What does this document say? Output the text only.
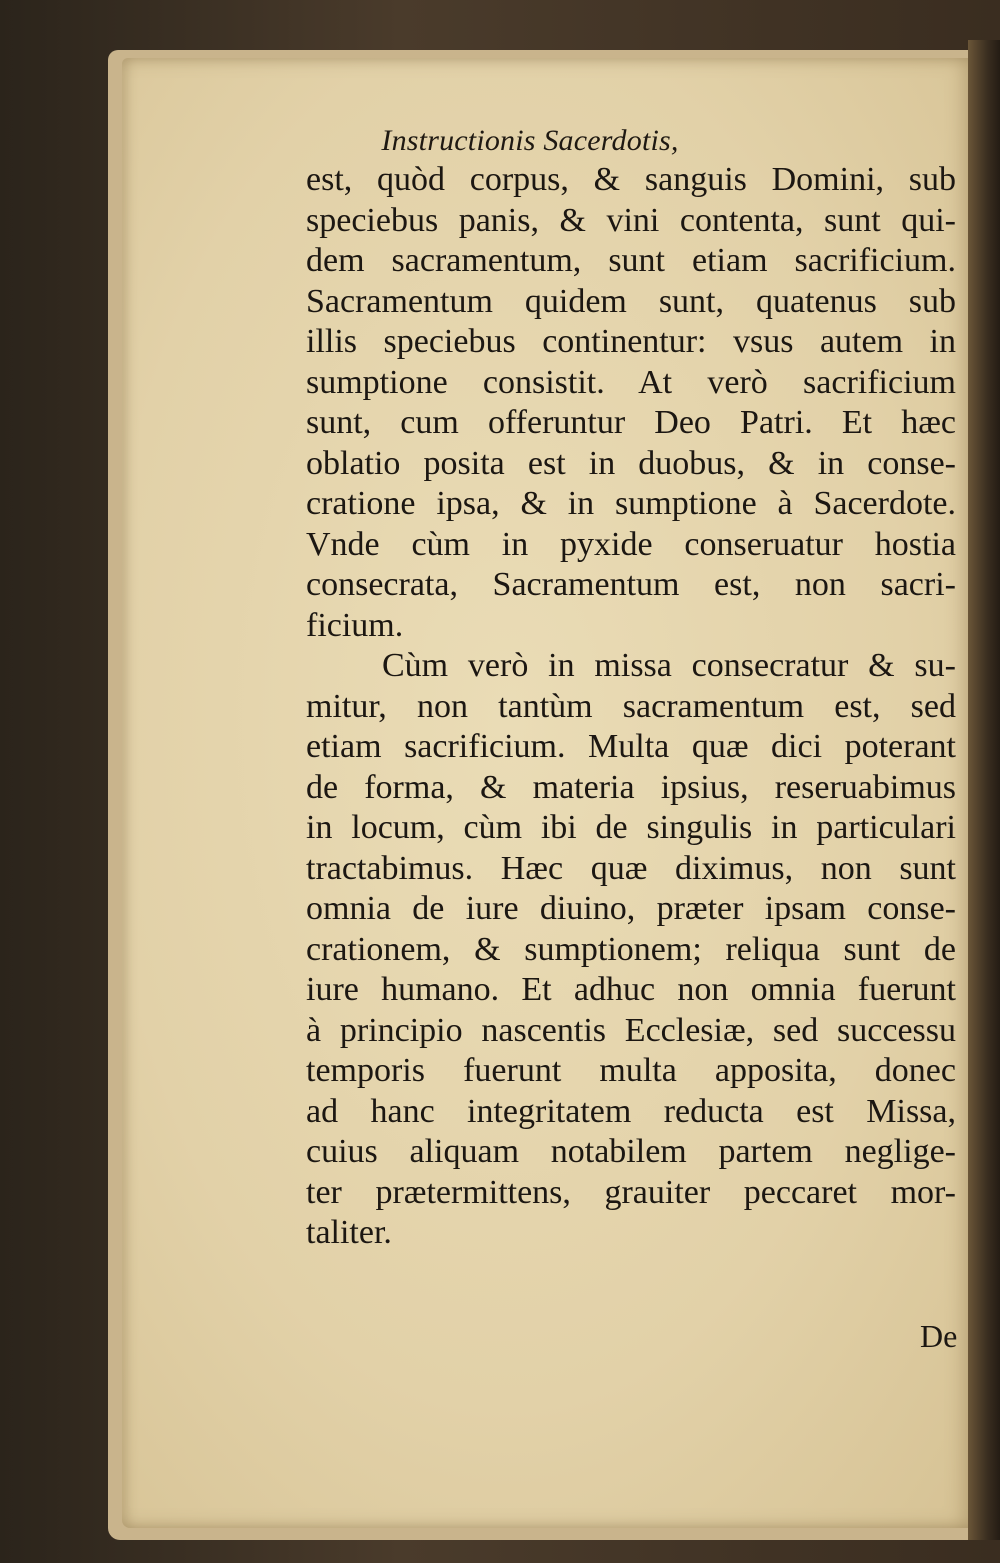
Instructionis Sacerdotis,
est, quòd corpus, & sanguis Domini, sub
speciebus panis, & vini contenta, sunt qui-
dem sacramentum, sunt etiam sacrificium.
Sacramentum quidem sunt, quatenus sub
illis speciebus continentur: vsus autem in
sumptione consistit. At verò sacrificium
sunt, cum offeruntur Deo Patri. Et hæc
oblatio posita est in duobus, & in conse-
cratione ipsa, & in sumptione à Sacerdote.
Vnde cùm in pyxide conseruatur hostia
consecrata, Sacramentum est, non sacri-
ficium.
Cùm verò in missa consecratur & su-
mitur, non tantùm sacramentum est, sed
etiam sacrificium. Multa quæ dici poterant
de forma, & materia ipsius, reseruabimus
in locum, cùm ibi de singulis in particulari
tractabimus. Hæc quæ diximus, non sunt
omnia de iure diuino, præter ipsam conse-
crationem, & sumptionem; reliqua sunt de
iure humano. Et adhuc non omnia fuerunt
à principio nascentis Ecclesiæ, sed successu
temporis fuerunt multa apposita, donec
ad hanc integritatem reducta est Missa,
cuius aliquam notabilem partem neglige-
ter prætermittens, grauiter peccaret mor-
taliter.
De
